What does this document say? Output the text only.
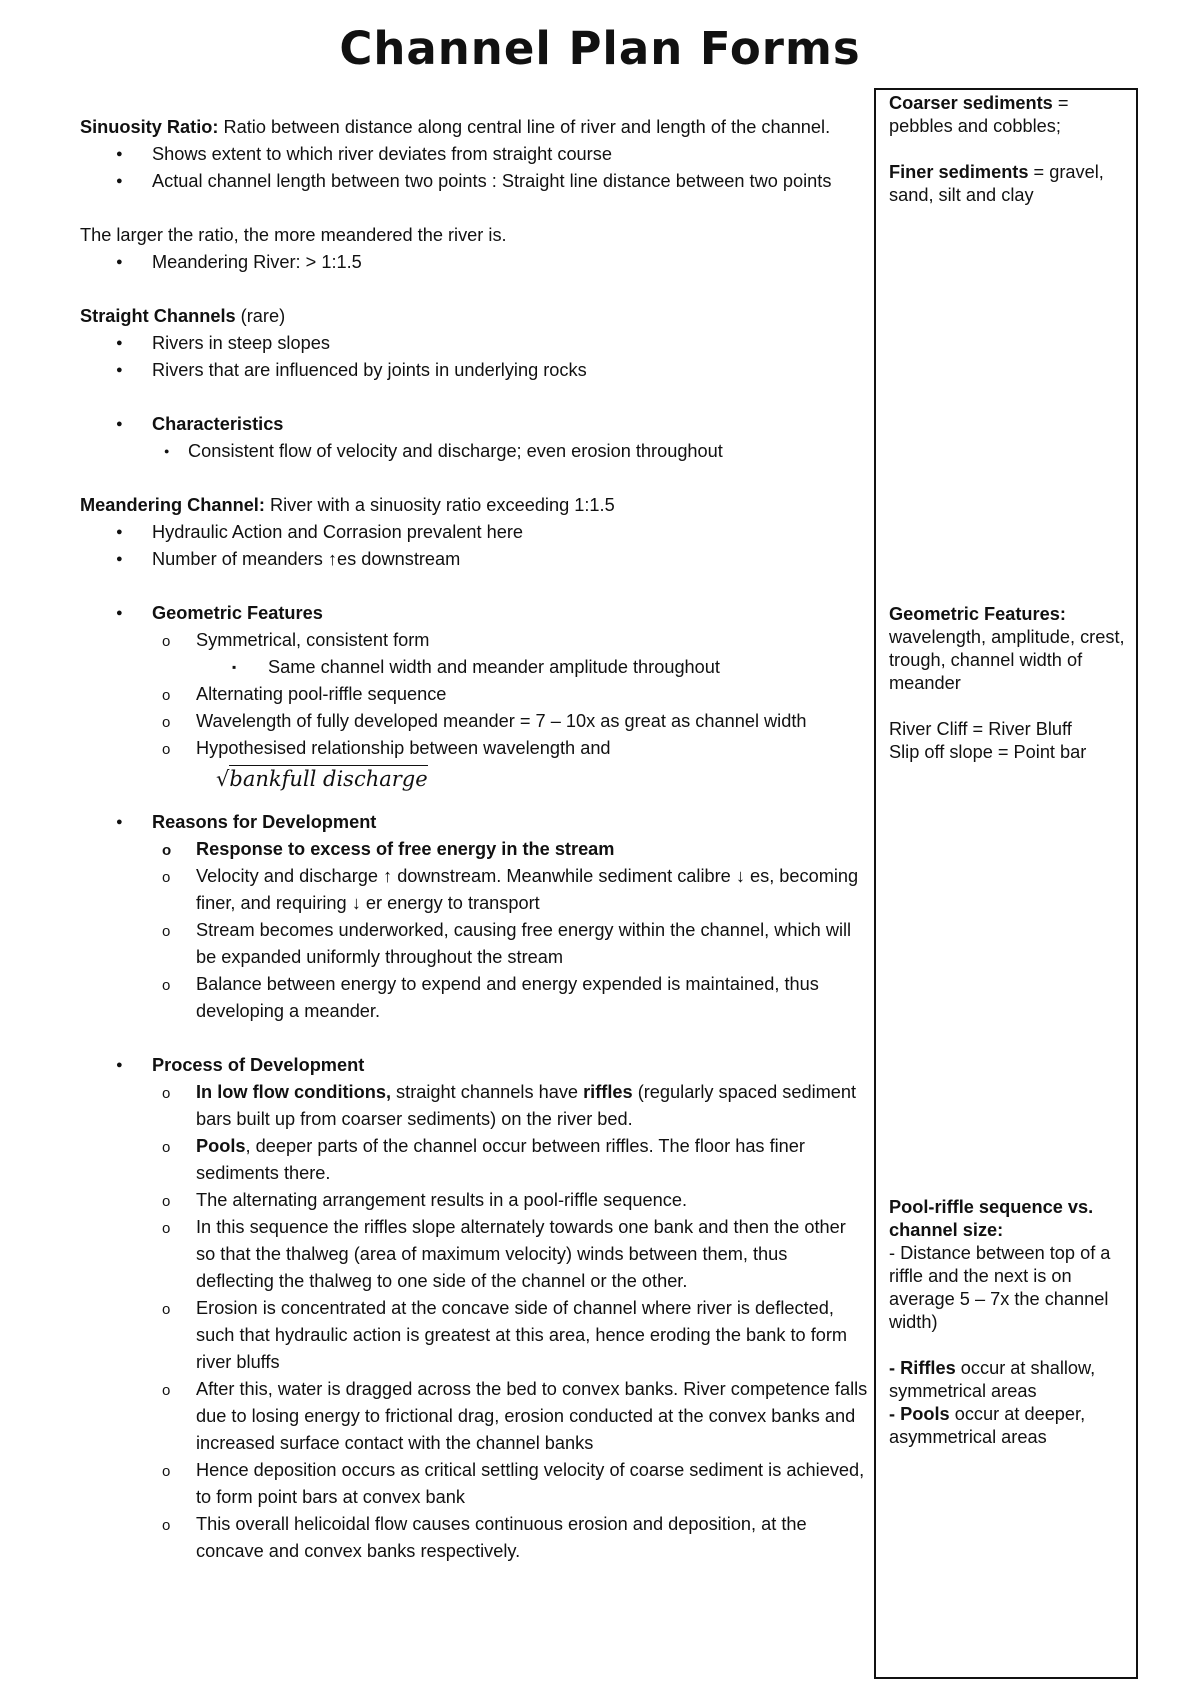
Channel Plan Forms

Sinuosity Ratio: Ratio between distance along central line of river and length of the channel.

● Shows extent to which river deviates from straight course
● Actual channel length between two points : Straight line distance between two points

The larger the ratio, the more meandered the river is.

● Meandering River: > 1:1.5

Straight Channels (rare)

● Rivers in steep slopes
● Rivers that are influenced by joints in underlying rocks
● Characteristics
● Consistent flow of velocity and discharge; even erosion throughout

Meandering Channel: River with a sinuosity ratio exceeding 1:1.5

● Hydraulic Action and Corrasion prevalent here
● Number of meanders ↑es downstream
● Geometric Features
o Symmetrical, consistent form
▪ Same channel width and meander amplitude throughout
o Alternating pool-riffle sequence
o Wavelength of fully developed meander = 7 – 10x as great as channel width
o Hypothesised relationship between wavelength and
√bankfull discharge
● Reasons for Development
o Response to excess of free energy in the stream
o Velocity and discharge ↑ downstream. Meanwhile sediment calibre ↓ es, becoming finer, and requiring ↓ er energy to transport
o Stream becomes underworked, causing free energy within the channel, which will be expanded uniformly throughout the stream
o Balance between energy to expend and energy expended is maintained, thus developing a meander.
● Process of Development
o In low flow conditions, straight channels have riffles (regularly spaced sediment bars built up from coarser sediments) on the river bed.
o Pools, deeper parts of the channel occur between riffles. The floor has finer sediments there.
o The alternating arrangement results in a pool-riffle sequence.
o In this sequence the riffles slope alternately towards one bank and then the other so that the thalweg (area of maximum velocity) winds between them, thus deflecting the thalweg to one side of the channel or the other.
o Erosion is concentrated at the concave side of channel where river is deflected, such that hydraulic action is greatest at this area, hence eroding the bank to form river bluffs
o After this, water is dragged across the bed to convex banks. River competence falls due to losing energy to frictional drag, erosion conducted at the convex banks and increased surface contact with the channel banks
o Hence deposition occurs as critical settling velocity of coarse sediment is achieved, to form point bars at convex bank
o This overall helicoidal flow causes continuous erosion and deposition, at the concave and convex banks respectively.

Coarser sediments = pebbles and cobbles;

Finer sediments = gravel, sand, silt and clay

Geometric Features:

wavelength, amplitude, crest, trough, channel width of meander

River Cliff = River Bluff

Slip off slope = Point bar

Pool-riffle sequence vs. channel size:

- Distance between top of a riffle and the next is on average 5 – 7x the channel width)

- Riffles occur at shallow, symmetrical areas

- Pools occur at deeper, asymmetrical areas
